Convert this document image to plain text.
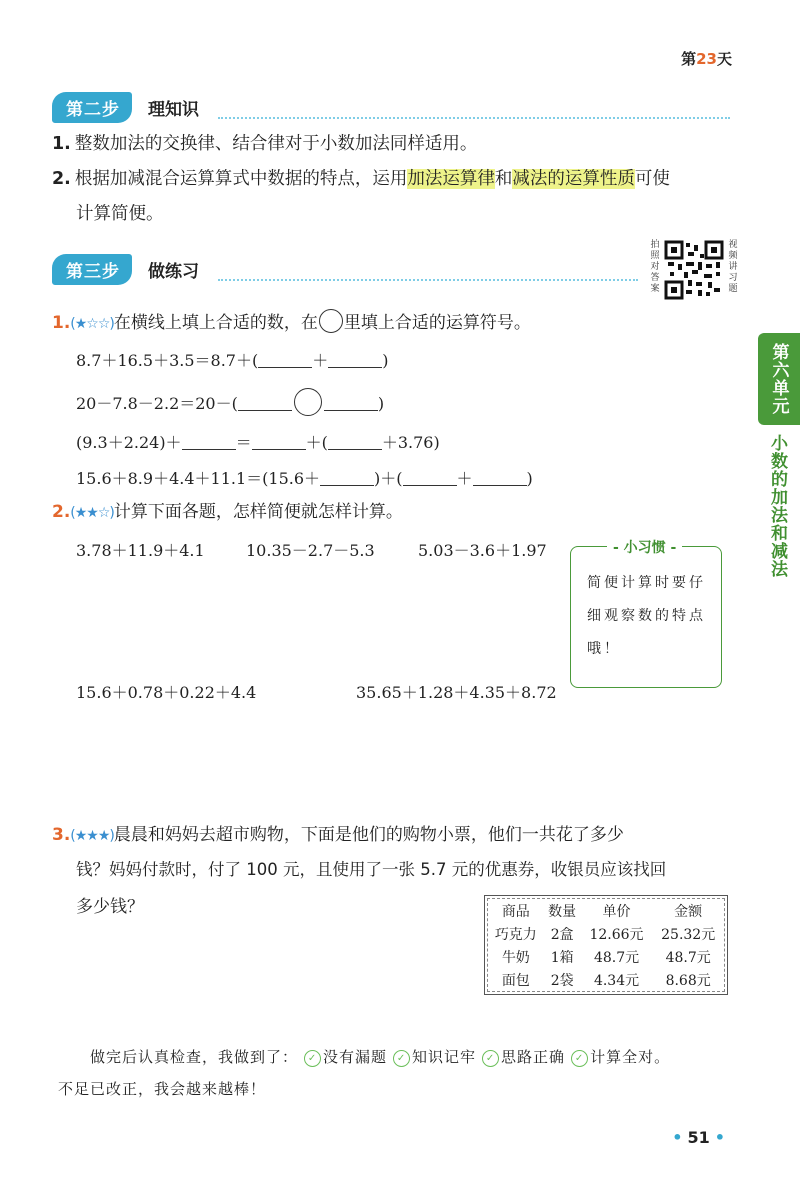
第23天
第二步	理知识
1. 整数加法的交换律、结合律对于小数加法同样适用。
2. 根据加减混合运算算式中数据的特点，运用加法运算律和减法的运算性质可使
计算简便。
第三步	做练习
拍
照
对
答
案
视
频
讲
习
题
第六单元
小数的加法和减法
1.(★☆☆)在横线上填上合适的数，在 里填上合适的运算符号。
8.7＋16.5＋3.5＝8.7＋(	＋	)
20－7.8－2.2＝20－(	)
(9.3＋2.24)＋	＝	＋(	＋3.76)
15.6＋8.9＋4.4＋11.1＝(15.6＋	)＋(	＋	)
2.(★★☆)计算下面各题，怎样简便就怎样计算。
3.78＋11.9＋4.1	10.35－2.7－5.3	5.03－3.6＋1.97
15.6＋0.78＋0.22＋4.4	35.65＋1.28＋4.35＋8.72
- 小习惯 -
简便计算时要仔细观察数的特点哦！
3.(★★★)晨晨和妈妈去超市购物，下面是他们的购物小票，他们一共花了多少
钱？妈妈付款时，付了 100 元，且使用了一张 5.7 元的优惠券，收银员应该找回
多少钱？	商品	数量	单价	金额
巧克力	2盒	12.66元	25.32元
牛奶	1箱	48.7元	48.7元
面包	2袋	4.34元	8.68元
做完后认真检查，我做到了： ✓ 没有漏题 ✓ 知识记牢 ✓ 思路正确 ✓ 计算全对。
不足已改正，我会越来越棒！
• 51 •
